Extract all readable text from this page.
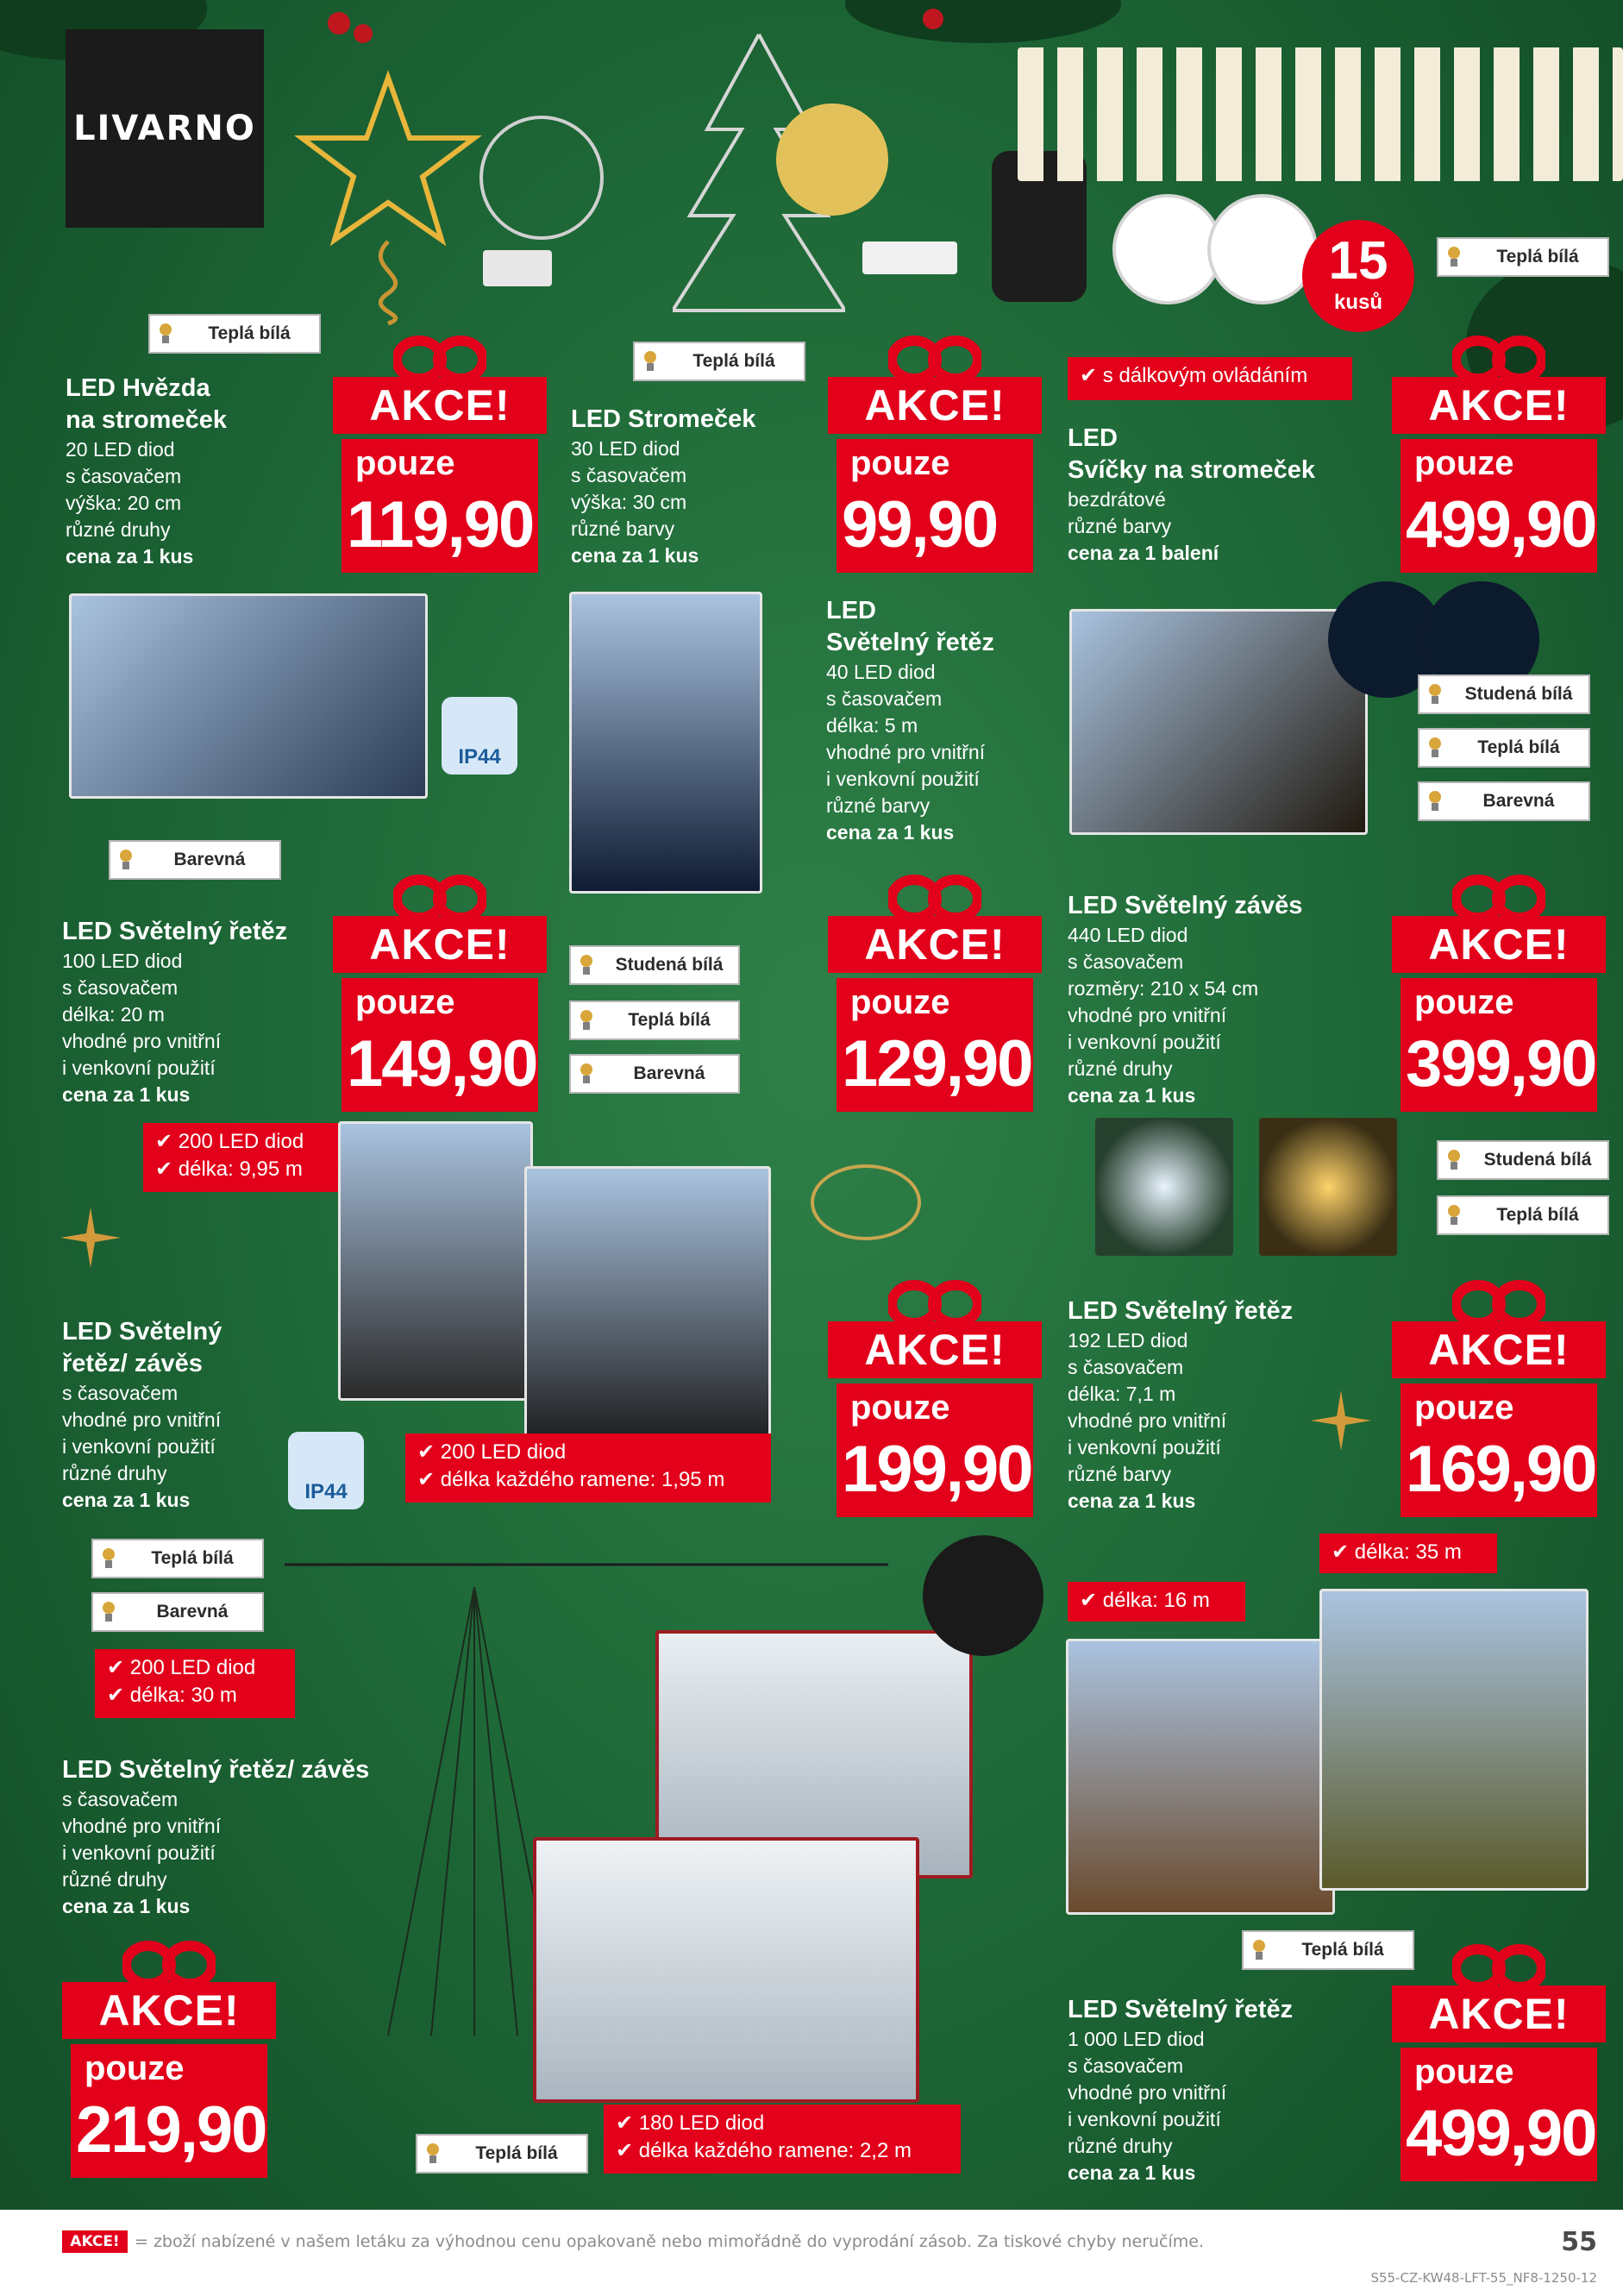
LIVARNO
15
kusů
Teplá bílá
LED Hvězda
na stromeček
20 LED diod
s časovačem
výška: 20 cm
různé druhy
cena za 1 kus
AKCE!
pouze
119,90
Teplá bílá
LED Stromeček
30 LED diod
s časovačem
výška: 30 cm
různé barvy
cena za 1 kus
AKCE!
pouze
99,90
✔ s dálkovým ovládáním
Teplá bílá
LED
Svíčky na stromeček
bezdrátové
různé barvy
cena za 1 balení
AKCE!
pouze
499,90
IP44
Barevná
LED Světelný řetěz
100 LED diod
s časovačem
délka: 20 m
vhodné pro vnitřní
i venkovní použití
cena za 1 kus
AKCE!
pouze
149,90
Studená bílá
Teplá bílá
Barevná
LED
Světelný řetěz
40 LED diod
s časovačem
délka: 5 m
vhodné pro vnitřní
i venkovní použití
různé barvy
cena za 1 kus
AKCE!
pouze
129,90
Studená bílá
Teplá bílá
Barevná
LED Světelný závěs
440 LED diod
s časovačem
rozměry: 210 x 54 cm
vhodné pro vnitřní
i venkovní použití
různé druhy
cena za 1 kus
AKCE!
pouze
399,90
✔ 200 LED diod
✔ délka: 9,95 m
LED Světelný
řetěz/ závěs
s časovačem
vhodné pro vnitřní
i venkovní použití
různé druhy
cena za 1 kus	IP44
✔ 200 LED diod
✔ délka každého ramene: 1,95 m
AKCE!
pouze
199,90
Studená bílá
Teplá bílá
LED Světelný řetěz
192 LED diod
s časovačem
délka: 7,1 m
vhodné pro vnitřní
i venkovní použití
různé barvy
cena za 1 kus
AKCE!
pouze
169,90
Teplá bílá
Barevná
✔ 200 LED diod
✔ délka: 30 m
LED Světelný řetěz/ závěs
s časovačem
vhodné pro vnitřní
i venkovní použití
různé druhy
cena za 1 kus
AKCE!
pouze
219,90	Teplá bílá
✔ 180 LED diod
✔ délka každého ramene: 2,2 m
✔ délka: 35 m
✔ délka: 16 m
Teplá bílá
LED Světelný řetěz
1 000 LED diod
s časovačem
vhodné pro vnitřní
i venkovní použití
různé druhy
cena za 1 kus
AKCE!
pouze
499,90
AKCE! = zboží nabízené v našem letáku za výhodnou cenu opakovaně nebo mimořádně do vyprodání zásob. Za tiskové chyby neručíme.	55
S55-CZ-KW48-LFT-55_NF8-1250-12
